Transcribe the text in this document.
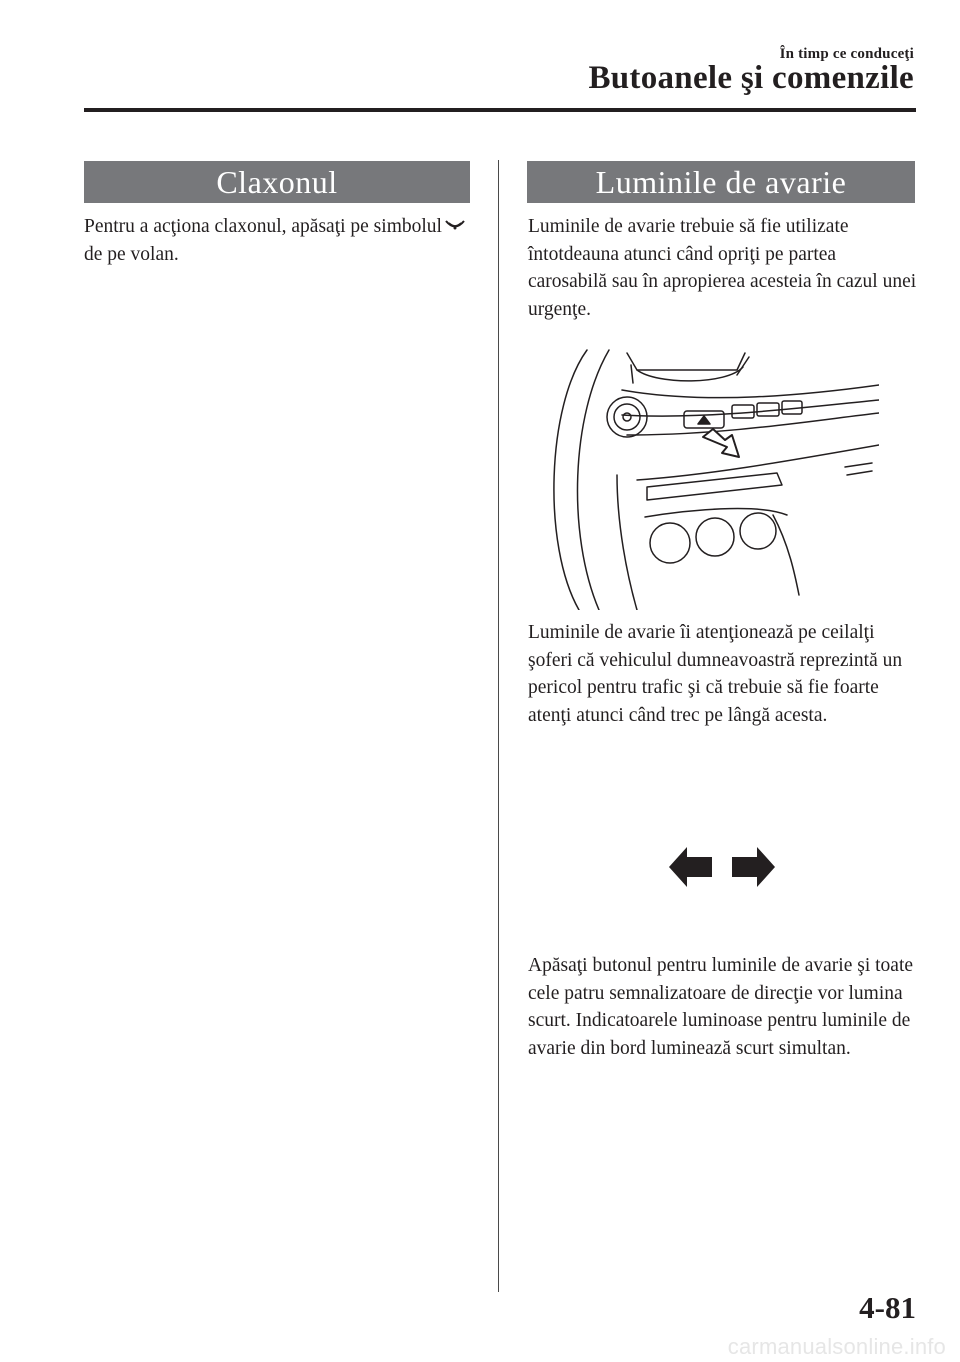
În timp ce conduceţi
Butoanele şi comenzile
Claxonul

Pentru a acţiona claxonul, apăsaţi pe simbolul de pe volan.

Luminile de avarie

Luminile de avarie trebuie să fie utilizate întotdeauna atunci când opriţi pe partea carosabilă sau în apropierea acesteia în cazul unei urgenţe.

Luminile de avarie îi atenţionează pe ceilalţi şoferi că vehiculul dumneavoastră reprezintă un pericol pentru trafic şi că trebuie să fie foarte atenţi atunci când trec pe lângă acesta.

Apăsaţi butonul pentru luminile de avarie şi toate cele patru semnalizatoare de direcţie vor lumina scurt. Indicatoarele luminoase pentru luminile de avarie din bord luminează scurt simultan.

4-81
carmanualsonline.info
